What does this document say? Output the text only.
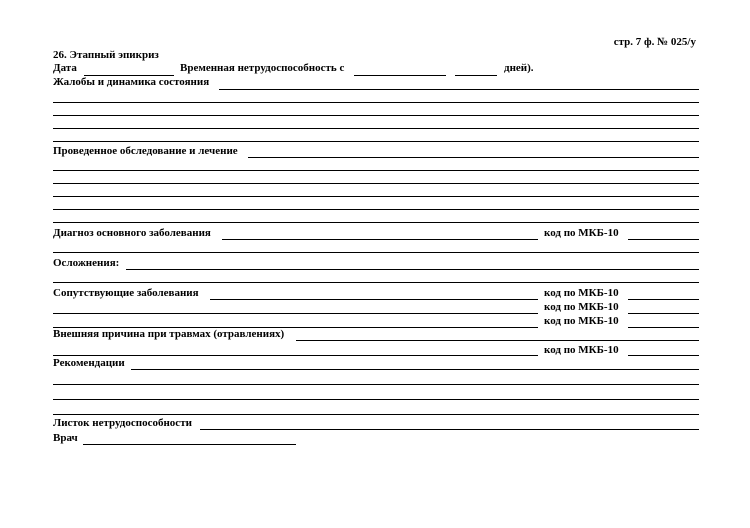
стр. 7 ф. № 025/у
26. Этапный эпикриз
Дата	Временная нетрудоспособность с	дней).
Жалобы и динамика состояния
Проведенное обследование и лечение
Диагноз основного заболевания	код по МКБ-10
Осложнения:
Сопутствующие заболевания	код по МКБ-10
код по МКБ-10
код по МКБ-10
Внешняя причина при травмах (отравлениях)
код по МКБ-10
Рекомендации
Листок нетрудоспособности
Врач
